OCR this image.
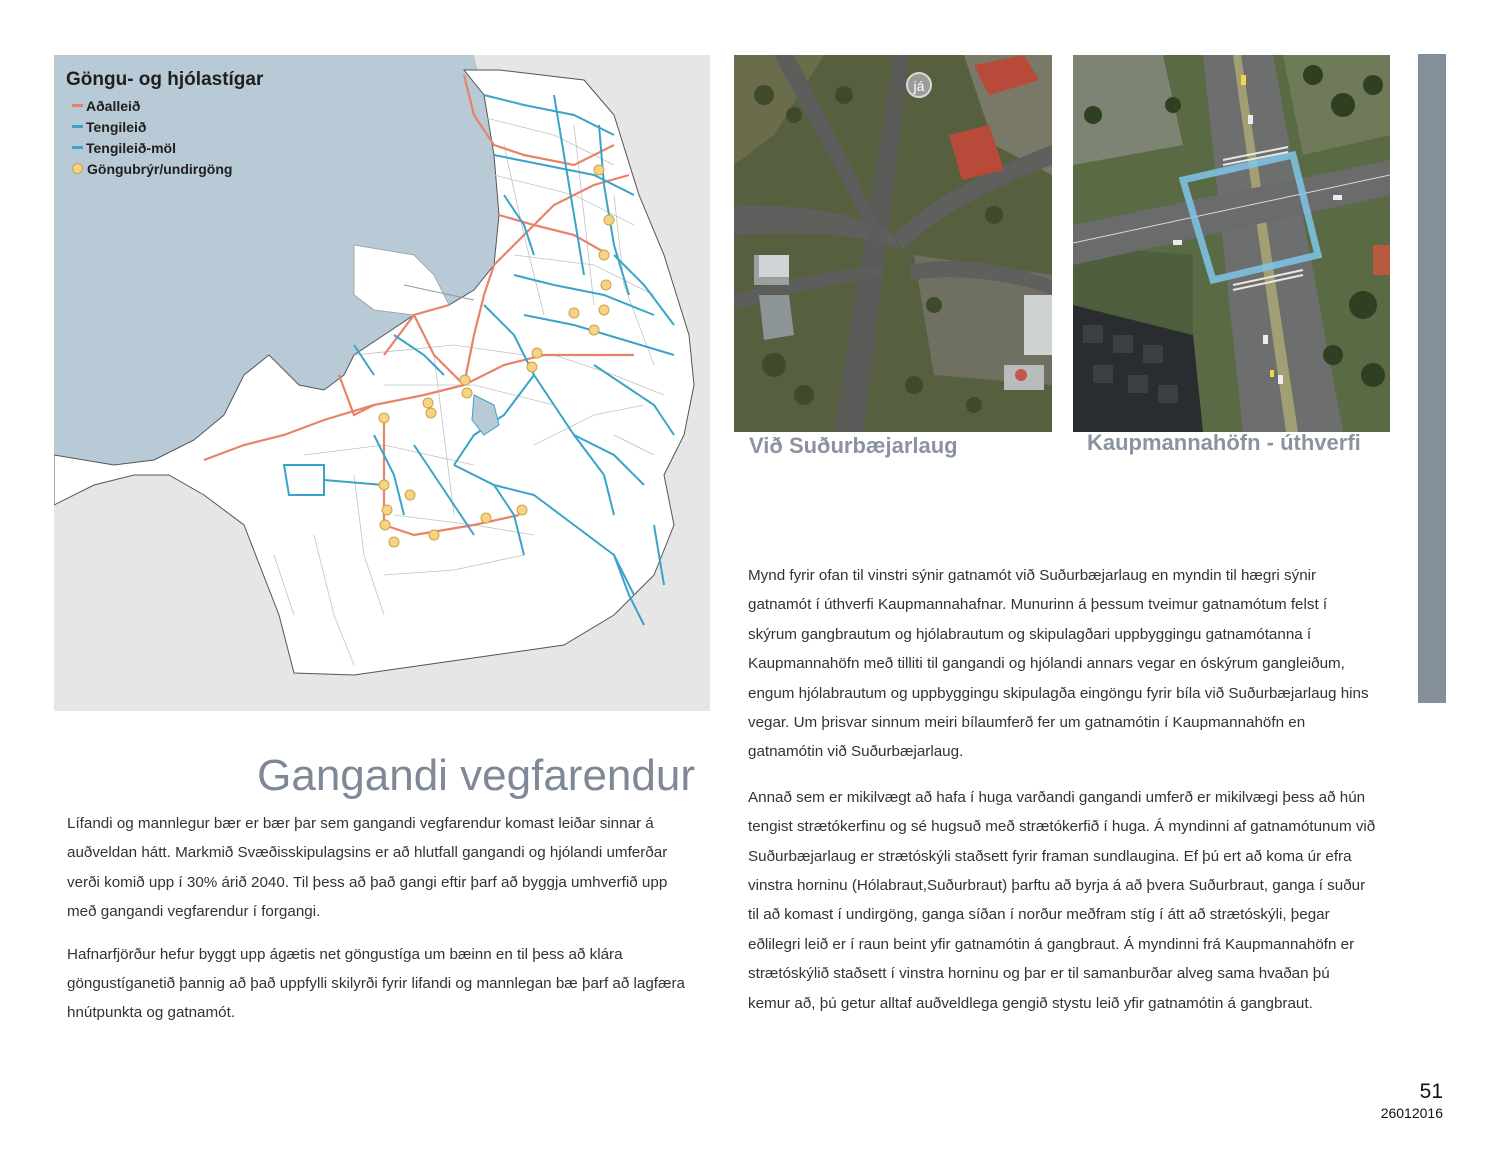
Göngu- og hjólastígar
Aðalleið
Tengileið
Tengileið-möl
Göngubrýr/undirgöng
já
Við Suðurbæjarlaug	Kaupmannahöfn - úthverfi
Gangandi vegfarendur

Lífandi og mannlegur bær er bær þar sem gangandi vegfarendur komast leiðar sinnar á auðveldan hátt. Markmið Svæðisskipulagsins er að hlutfall gangandi og hjólandi umferðar verði komið upp í 30% árið 2040. Til þess að það gangi eftir þarf að byggja umhverfið upp með gangandi vegfarendur í forgangi.

Hafnarfjörður hefur byggt upp ágætis net göngustíga um bæinn en til þess að klára göngustíganetið þannig að það uppfylli skilyrði fyrir lifandi og mannlegan bæ þarf að lagfæra hnútpunkta og gatnamót.

Mynd fyrir ofan til vinstri sýnir gatnamót við Suðurbæjarlaug en myndin til hægri sýnir gatnamót í úthverfi Kaupmannahafnar. Munurinn á þessum tveimur gatnamótum felst í skýrum gangbrautum og hjólabrautum og skipulagðari uppbyggingu gatnamótanna í Kaupmannahöfn með tilliti til gangandi og hjólandi annars vegar en óskýrum gangleiðum, engum hjólabrautum og uppbyggingu skipulagða eingöngu fyrir bíla við Suðurbæjarlaug hins vegar. Um þrisvar sinnum meiri bílaumferð fer um gatnamótin í Kaupmannahöfn en gatnamótin við Suðurbæjarlaug.

Annað sem er mikilvægt að hafa í huga varðandi gangandi umferð er mikilvægi þess að hún tengist strætókerfinu og sé hugsuð með strætókerfið í huga. Á myndinni af gatnamótunum við Suðurbæjarlaug er strætóskýli staðsett fyrir framan sundlaugina. Ef þú ert að koma úr efra vinstra horninu (Hólabraut,Suðurbraut) þarftu að byrja á að þvera Suðurbraut, ganga í suður til að komast í undirgöng, ganga síðan í norður meðfram stíg í átt að strætóskýli, þegar eðlilegri leið er í raun beint yfir gatnamótin á gangbraut. Á myndinni frá Kaupmannahöfn er strætóskýlið staðsett í vinstra horninu og þar er til samanburðar alveg sama hvaðan þú kemur að, þú getur alltaf auðveldlega gengið stystu leið yfir gatnamótin á gangbraut.

51
26012016
